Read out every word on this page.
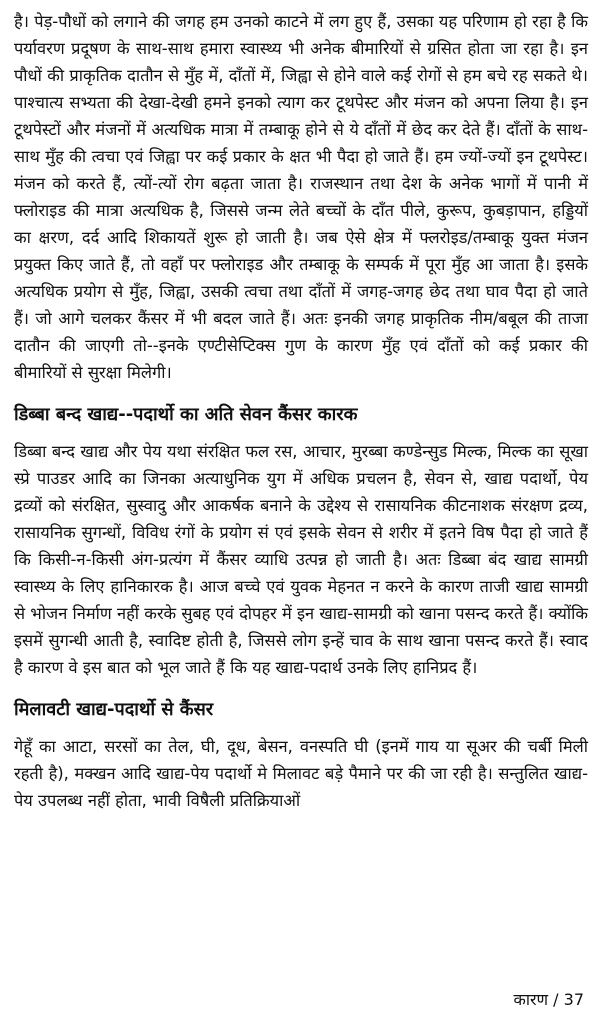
है। पेड़-पौधों को लगाने की जगह हम उनको काटने में लग हुए हैं, उसका यह परिणाम हो रहा है कि पर्यावरण प्रदूषण के साथ-साथ हमारा स्वास्थ्य भी अनेक बीमारियों से ग्रसित होता जा रहा है। इन पौधों की प्राकृतिक दातौन से मुँह में, दाँतों में, जिह्वा से होने वाले कई रोगों से हम बचे रह सकते थे। पाश्चात्य सभ्यता की देखा-देखी हमने इनको त्याग कर टूथपेस्ट और मंजन को अपना लिया है। इन टूथपेस्टों और मंजनों में अत्यधिक मात्रा में तम्बाकू होने से ये दाँतों में छेद कर देते हैं। दाँतों के साथ-साथ मुँह की त्वचा एवं जिह्वा पर कई प्रकार के क्षत भी पैदा हो जाते हैं। हम ज्यों-ज्यों इन टूथपेस्ट। मंजन को करते हैं, त्यों-त्यों रोग बढ़ता जाता है। राजस्थान तथा देश के अनेक भागों में पानी में फ्लोराइड की मात्रा अत्यधिक है, जिससे जन्म लेते बच्चों के दाँत पीले, कुरूप, कुबड़ापान, हड्डियों का क्षरण, दर्द आदि शिकायतें शुरू हो जाती है। जब ऐसे क्षेत्र में फ्लरोइड/तम्बाकू युक्त मंजन प्रयुक्त किए जाते हैं, तो वहाँ पर फ्लोराइड और तम्बाकू के सम्पर्क में पूरा मुँह आ जाता है। इसके अत्यधिक प्रयोग से मुँह, जिह्वा, उसकी त्वचा तथा दाँतों में जगह-जगह छेद तथा घाव पैदा हो जाते हैं। जो आगे चलकर कैंसर में भी बदल जाते हैं। अतः इनकी जगह प्राकृतिक नीम/बबूल की ताजा दातौन की जाएगी तो--इनके एण्टीसेप्टिक्स गुण के कारण मुँह एवं दाँतों को कई प्रकार की बीमारियों से सुरक्षा मिलेगी।

डिब्बा बन्द खाद्य--पदार्थो का अति सेवन कैंसर कारक

डिब्बा बन्द खाद्य और पेय यथा संरक्षित फल रस, आचार, मुरब्बा कण्डेन्सुड मिल्क, मिल्क का सूखा स्प्रे पाउडर आदि का जिनका अत्याधुनिक युग में अधिक प्रचलन है, सेवन से, खाद्य पदार्थो, पेय द्रव्यों को संरक्षित, सुस्वादु और आकर्षक बनाने के उद्देश्य से रासायनिक कीटनाशक संरक्षण द्रव्य, रासायनिक सुगन्धों, विविध रंगों के प्रयोग सं एवं इसके सेवन से शरीर में इतने विष पैदा हो जाते हैं कि किसी-न-किसी अंग-प्रत्यंग में कैंसर व्याधि उत्पन्न हो जाती है। अतः डिब्बा बंद खाद्य सामग्री स्वास्थ्य के लिए हानिकारक है। आज बच्चे एवं युवक मेहनत न करने के कारण ताजी खाद्य सामग्री से भोजन निर्माण नहीं करके सुबह एवं दोपहर में इन खाद्य-सामग्री को खाना पसन्द करते हैं। क्योंकि इसमें सुगन्धी आती है, स्वादिष्ट होती है, जिससे लोग इन्हें चाव के साथ खाना पसन्द करते हैं। स्वाद है कारण वे इस बात को भूल जाते हैं कि यह खाद्य-पदार्थ उनके लिए हानिप्रद हैं।

मिलावटी खाद्य-पदार्थो से कैंसर

गेहूँ का आटा, सरसों का तेल, घी, दूध, बेसन, वनस्पति घी (इनमें गाय या सूअर की चर्बी मिली रहती है), मक्खन आदि खाद्य-पेय पदार्थो मे मिलावट बड़े पैमाने पर की जा रही है। सन्तुलित खाद्य-पेय उपलब्ध नहीं होता, भावी विषैली प्रतिक्रियाओं

कारण / 37
